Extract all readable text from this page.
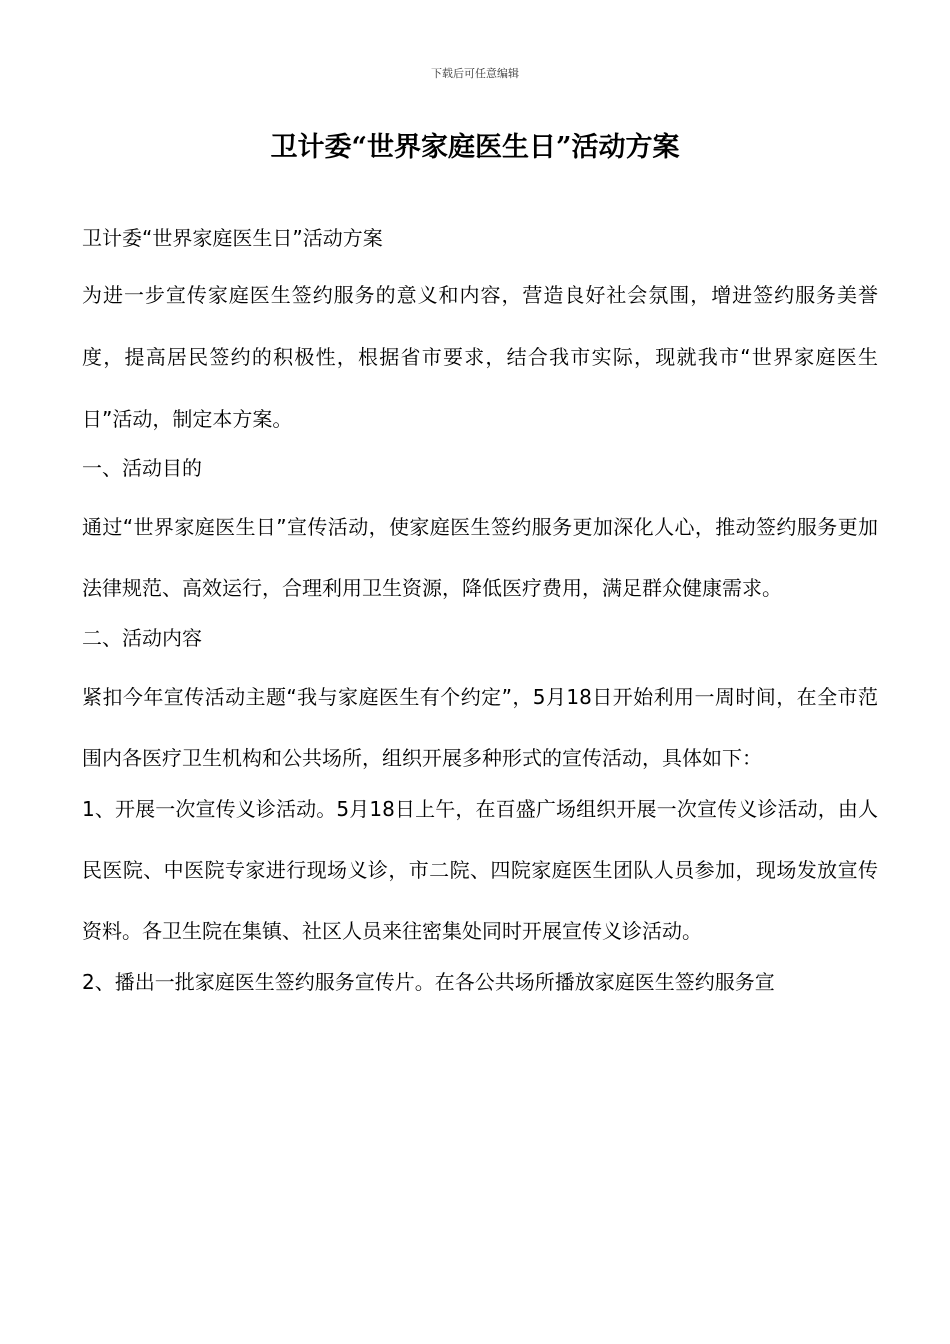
下载后可任意编辑
卫计委“世界家庭医生日”活动方案

卫计委“世界家庭医生日”活动方案

为进一步宣传家庭医生签约服务的意义和内容，营造良好社会氛围，增进签约服务美誉度，提高居民签约的积极性，根据省市要求，结合我市实际，现就我市“世界家庭医生日”活动，制定本方案。

一、活动目的

通过“世界家庭医生日”宣传活动，使家庭医生签约服务更加深化人心，推动签约服务更加法律规范、高效运行，合理利用卫生资源，降低医疗费用，满足群众健康需求。

二、活动内容

紧扣今年宣传活动主题“我与家庭医生有个约定”，5月18日开始利用一周时间，在全市范围内各医疗卫生机构和公共场所，组织开展多种形式的宣传活动，具体如下：

1、开展一次宣传义诊活动。5月18日上午，在百盛广场组织开展一次宣传义诊活动，由人民医院、中医院专家进行现场义诊，市二院、四院家庭医生团队人员参加，现场发放宣传资料。各卫生院在集镇、社区人员来往密集处同时开展宣传义诊活动。

2、播出一批家庭医生签约服务宣传片。在各公共场所播放家庭医生签约服务宣
